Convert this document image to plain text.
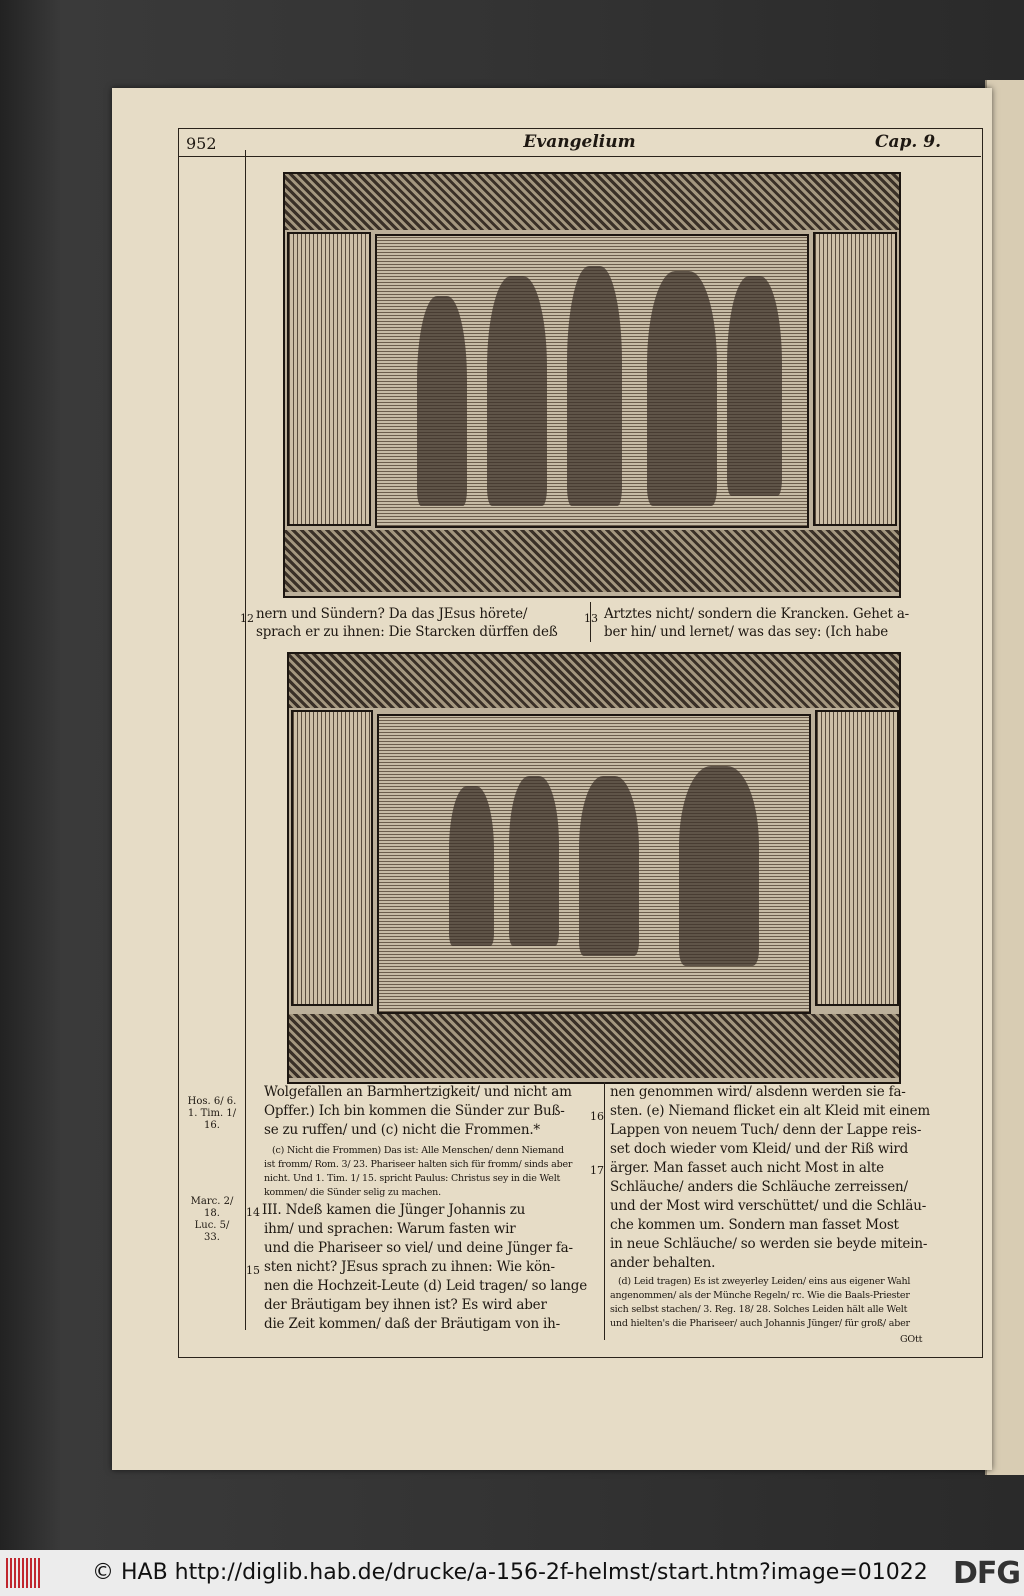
952	Evangelium	Cap. 9.
12 nern und Sündern? Da das JEsus hörete/
sprach er zu ihnen: Die Starcken dürffen deß
13 Artztes nicht/ sondern die Krancken. Gehet a-
ber hin/ und lernet/ was das sey: (Ich habe
Hos. 6/ 6.
1. Tim. 1/
16.
Marc. 2/
18.
Luc. 5/ 33.
Wolgefallen an Barmhertzigkeit/ und nicht am
Opffer.) Ich bin kommen die Sünder zur Buß-
se zu ruffen/ und (c) nicht die Frommen.*
(c) Nicht die Frommen) Das ist: Alle Menschen/ denn Niemand
ist fromm/ Rom. 3/ 23. Phariseer halten sich für fromm/ sinds aber
nicht. Und 1. Tim. 1/ 15. spricht Paulus: Christus sey in die Welt
kommen/ die Sünder selig zu machen.
14 III. Ndeß kamen die Jünger Johannis zu
ihm/ und sprachen: Warum fasten wir
und die Phariseer so viel/ und deine Jünger fa-
15 sten nicht? JEsus sprach zu ihnen: Wie kön-
nen die Hochzeit-Leute (d) Leid tragen/ so lange
der Bräutigam bey ihnen ist? Es wird aber
die Zeit kommen/ daß der Bräutigam von ih-
16
17
nen genommen wird/ alsdenn werden sie fa-
sten. (e) Niemand flicket ein alt Kleid mit einem
Lappen von neuem Tuch/ denn der Lappe reis-
set doch wieder vom Kleid/ und der Riß wird
ärger. Man fasset auch nicht Most in alte
Schläuche/ anders die Schläuche zerreissen/
und der Most wird verschüttet/ und die Schläu-
che kommen um. Sondern man fasset Most
in neue Schläuche/ so werden sie beyde mitein-
ander behalten.
(d) Leid tragen) Es ist zweyerley Leiden/ eins aus eigener Wahl
angenommen/ als der Münche Regeln/ rc. Wie die Baals-Priester
sich selbst stachen/ 3. Reg. 18/ 28. Solches Leiden hält alle Welt
und hielten's die Phariseer/ auch Johannis Jünger/ für groß/ aber
GOtt
© HAB http://diglib.hab.de/drucke/a-156-2f-helmst/start.htm?image=01022 DFG
